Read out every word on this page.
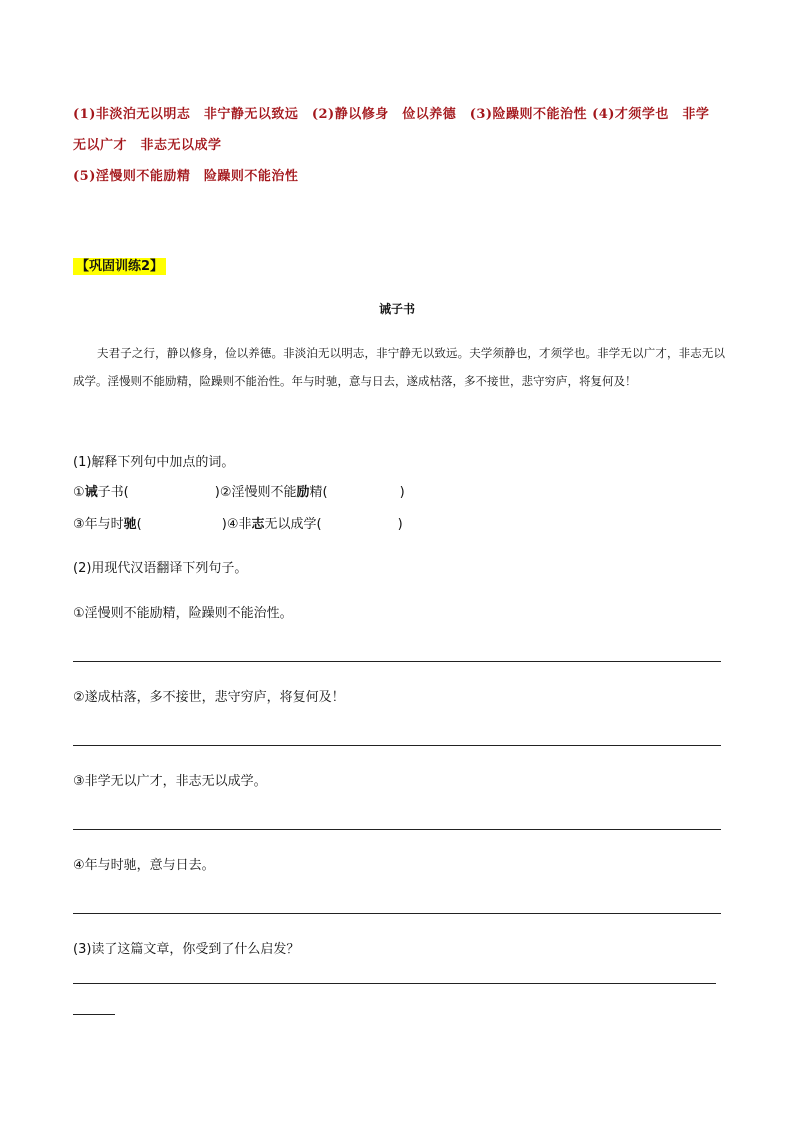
(1)非淡泊无以明志　非宁静无以致远　(2)静以修身　俭以养德　(3)险躁则不能治性 (4)才须学也　非学
无以广才　非志无以成学
(5)淫慢则不能励精　险躁则不能治性
【巩固训练2】
诫子书
夫君子之行，静以修身，俭以养德。非淡泊无以明志，非宁静无以致远。夫学须静也，才须学也。非学无以广才，非志无以成学。淫慢则不能励精，险躁则不能治性。年与时驰，意与日去，遂成枯落，多不接世，悲守穷庐，将复何及！
(1)解释下列句中加点的词。
①诫子书(	)②淫慢则不能励精(	)
③年与时驰(	)④非志无以成学(	)
(2)用现代汉语翻译下列句子。
①淫慢则不能励精，险躁则不能治性。
②遂成枯落，多不接世，悲守穷庐，将复何及！
③非学无以广才，非志无以成学。
④年与时驰，意与日去。
(3)读了这篇文章，你受到了什么启发？
